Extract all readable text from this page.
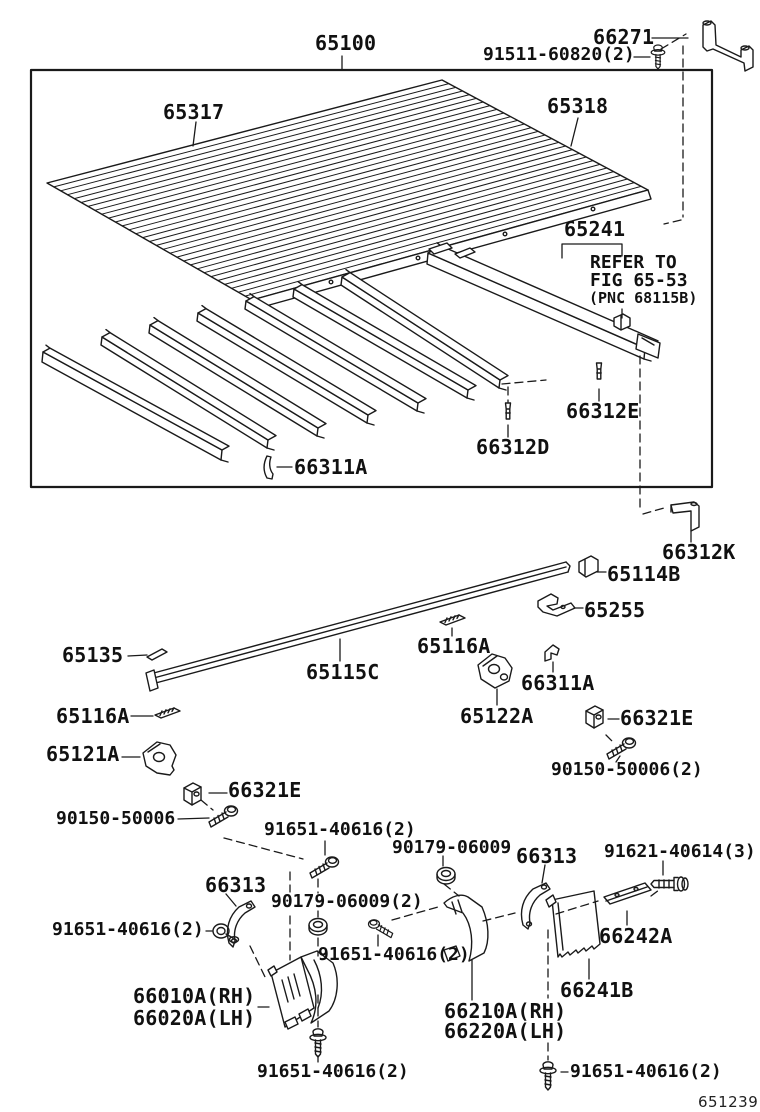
65100
65317	65318
66271
91511-60820(2)
65241
REFER TO
FIG 65-53
(PNC 68115B)
66312E
66312D
66311A
66312K
65114B
65255
65135
65115C
65116A
66311A
65122A	66321E
90150-50006(2)
65116A
65121A
66321E
90150-50006
91651-40616(2)
90179-06009
66313
90179-06009(2)
91651-40616(2)
91651-40616(2)
66313 91621-40614(3)
66242A
66010A(RH)
66020A(LH)
91651-40616(2)
66210A(RH)
66220A(LH)
66241B
91651-40616(2)
651239
